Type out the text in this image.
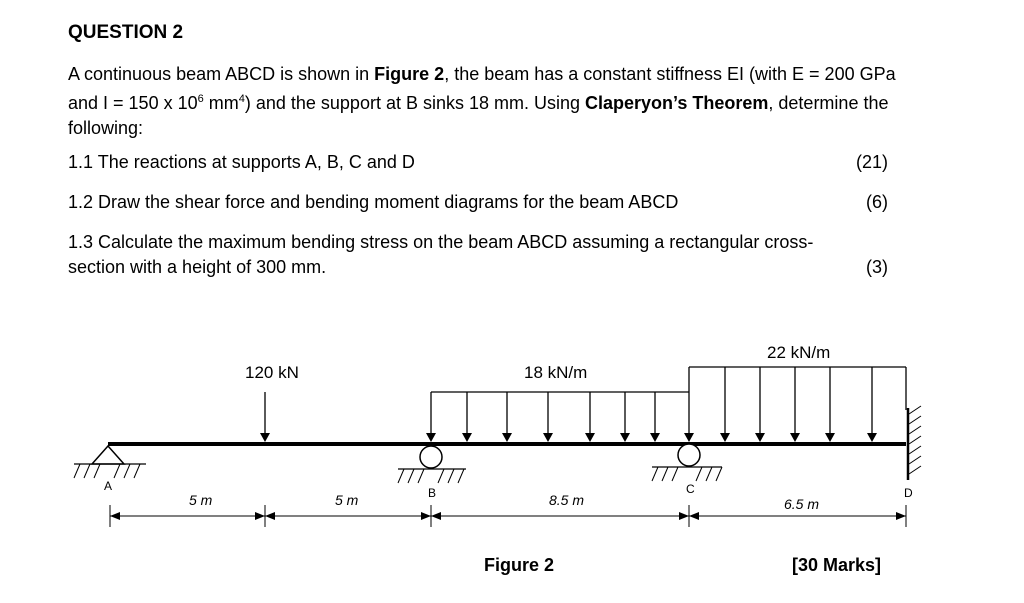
QUESTION 2
A continuous beam ABCD is shown in Figure 2, the beam has a constant stiffness EI (with E = 200 GPa and I = 150 x $10^6$ $mm^4$) and the support at B sinks 18 mm. Using Claperyon’s Theorem, determine the following:
1.1 The reactions at supports A, B, C and D	(21)
1.2 Draw the shear force and bending moment diagrams for the beam ABCD	(6)
1.3 Calculate the maximum bending stress on the beam ABCD assuming a rectangular cross-section with a height of 300 mm.	(3)
120 kN	18 kN/m
22 kN/m
A	B	C	D
5 m	5 m	8.5 m	6.5 m
Figure 2	[30 Marks]
